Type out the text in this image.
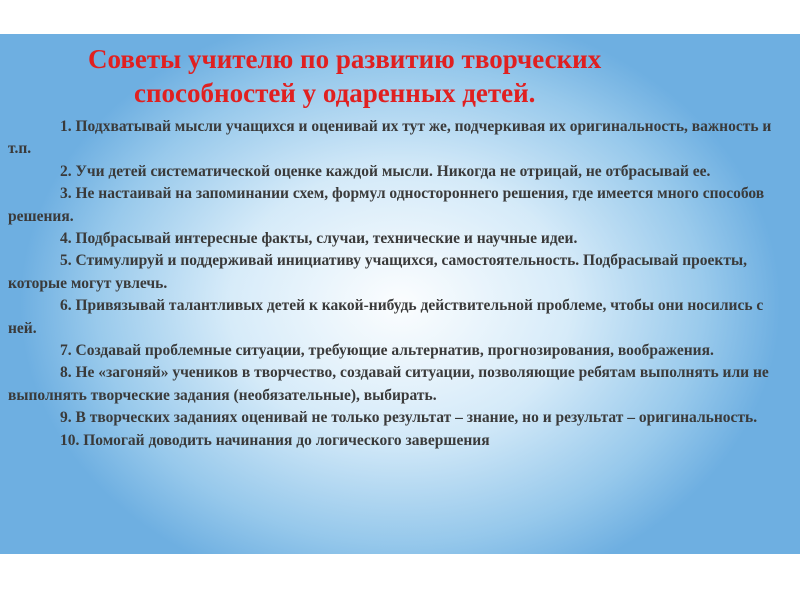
Советы учителю по развитию творческих
способностей у одаренных детей.

1. Подхватывай мысли учащихся и оценивай их тут же, подчеркивая их оригинальность, важность и т.п.

2. Учи детей систематической оценке каждой мысли. Никогда не отрицай, не отбрасывай ее.

3. Не настаивай на запоминании схем, формул одностороннего решения, где имеется много способов решения.

4. Подбрасывай интересные факты, случаи, технические и научные идеи.

5. Стимулируй и поддерживай инициативу учащихся, самостоятельность. Подбрасывай проекты, которые могут увлечь.

6. Привязывай талантливых детей к какой-нибудь действительной проблеме, чтобы они носились с ней.

7. Создавай проблемные ситуации, требующие альтернатив, прогнозирования, воображения.

8. Не «загоняй» учеников в творчество, создавай ситуации, позволяющие ребятам выполнять или не выполнять творческие задания (необязательные), выбирать.

9. В творческих заданиях оценивай не только результат – знание, но и результат – оригинальность.

10. Помогай доводить начинания до логического завершения
